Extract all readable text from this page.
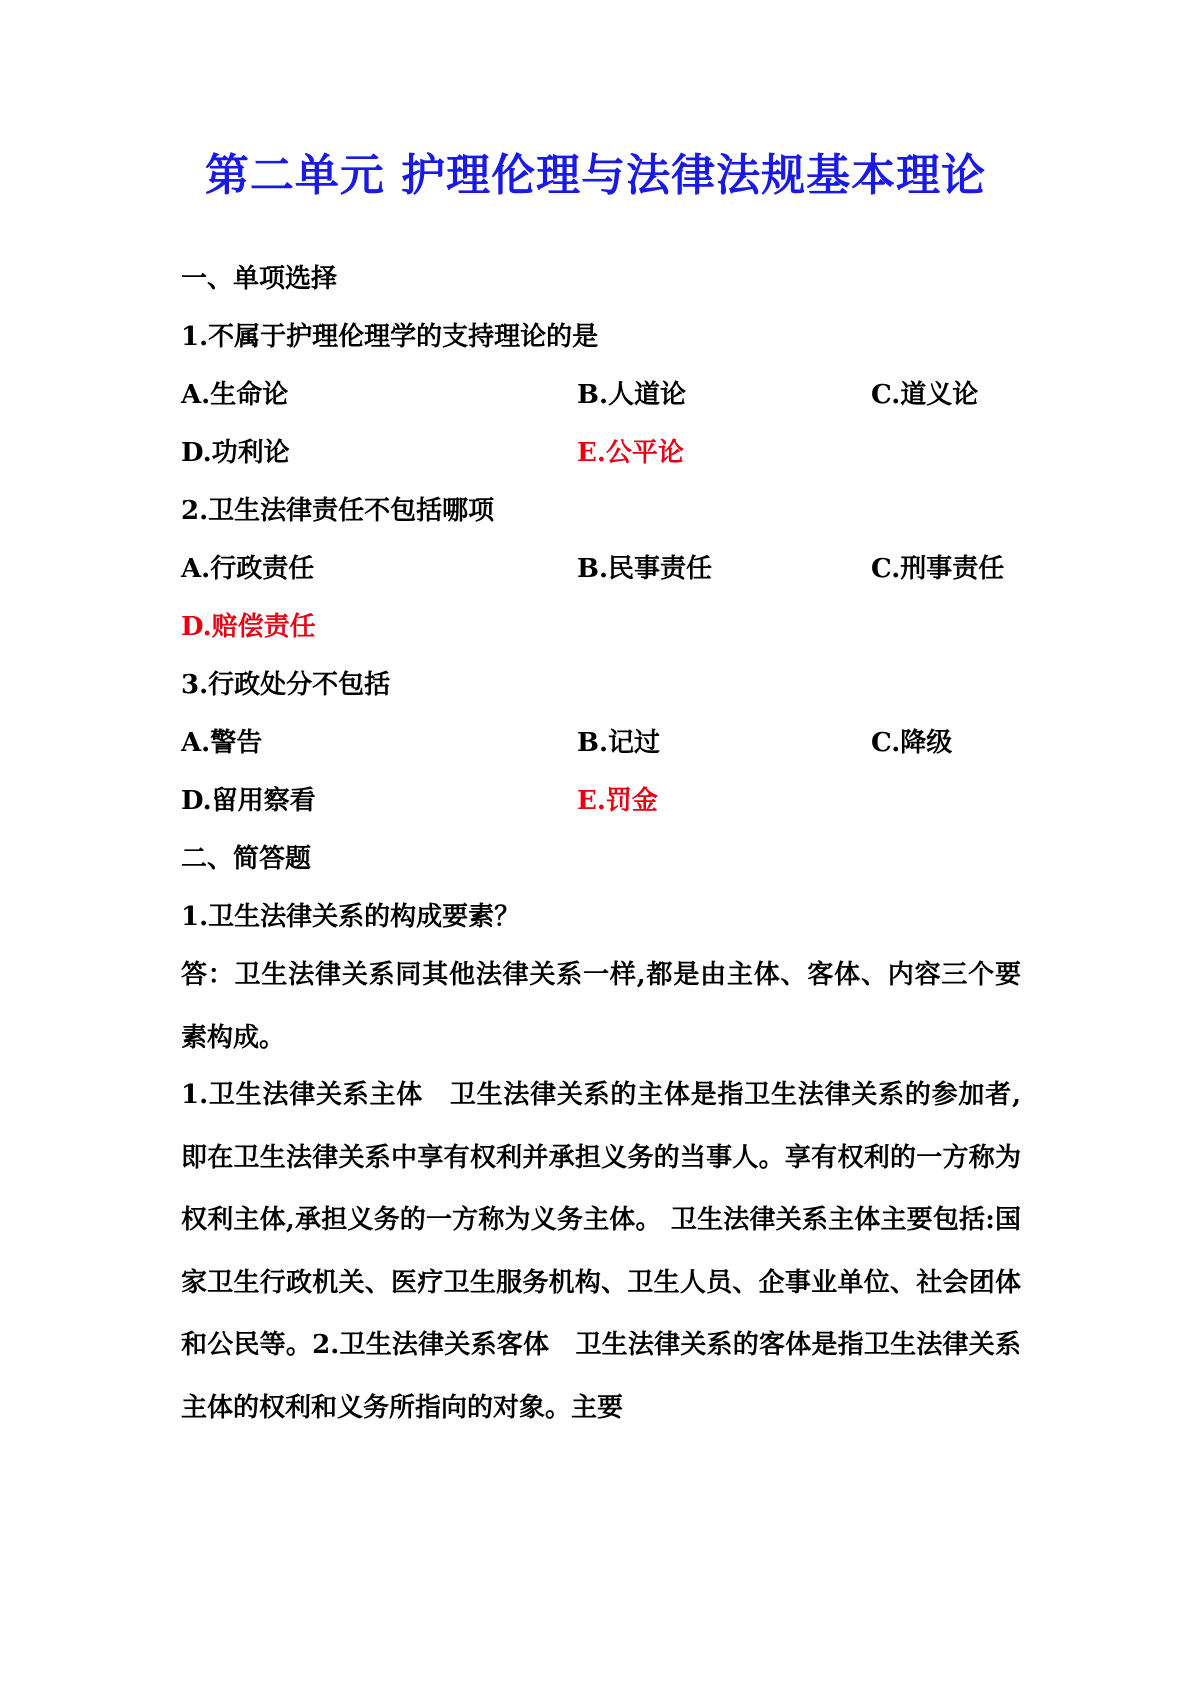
第二单元 护理伦理与法律法规基本理论
一、单项选择
1.不属于护理伦理学的支持理论的是
A.生命论	B.人道论	C.道义论
D.功利论	E.公平论
2.卫生法律责任不包括哪项
A.行政责任	B.民事责任	C.刑事责任
D.赔偿责任
3.行政处分不包括
A.警告	B.记过	C.降级
D.留用察看	E.罚金
二、简答题
1.卫生法律关系的构成要素？
答：卫生法律关系同其他法律关系一样,都是由主体、客体、内容三个要素构成。
1.卫生法律关系主体　卫生法律关系的主体是指卫生法律关系的参加者,即在卫生法律关系中享有权利并承担义务的当事人。享有权利的一方称为权利主体,承担义务的一方称为义务主体。 卫生法律关系主体主要包括:国家卫生行政机关、医疗卫生服务机构、卫生人员、企事业单位、社会团体　和公民等。2.卫生法律关系客体　卫生法律关系的客体是指卫生法律关系主体的权利和义务所指向的对象。主要
